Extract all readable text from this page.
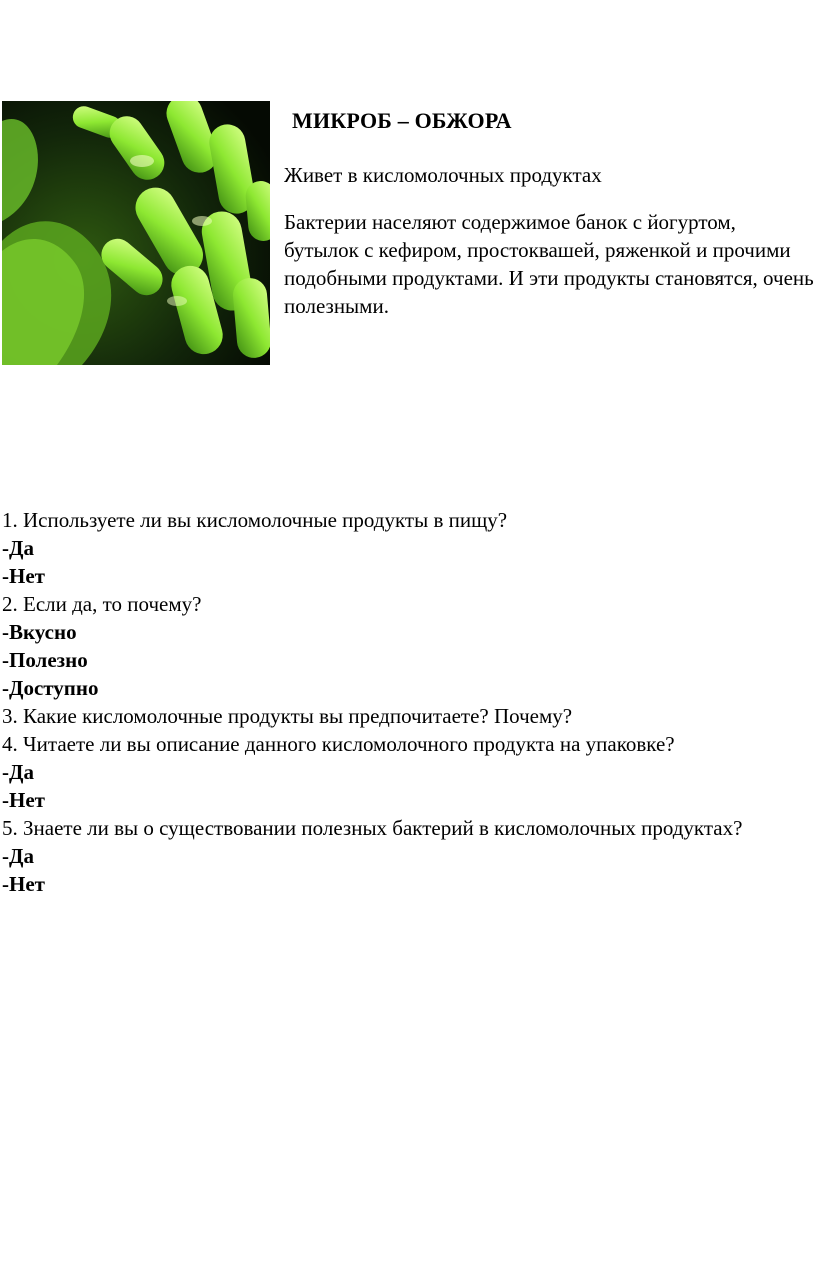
МИКРОБ – ОБЖОРА

Живет в кисломолочных продуктах

Бактерии населяют содержимое банок с йогуртом, бутылок с кефиром, простоквашей, ряженкой и прочими подобными продуктами. И эти продукты становятся, очень полезными.

1. Используете ли вы кисломолочные продукты в пищу?

-Да

-Нет

2. Если да, то почему?

-Вкусно

-Полезно

-Доступно

3. Какие кисломолочные продукты вы предпочитаете? Почему?

4. Читаете ли вы описание данного кисломолочного продукта на упаковке?

-Да

-Нет

5. Знаете ли вы о существовании полезных бактерий в кисломолочных продуктах?

-Да

-Нет
